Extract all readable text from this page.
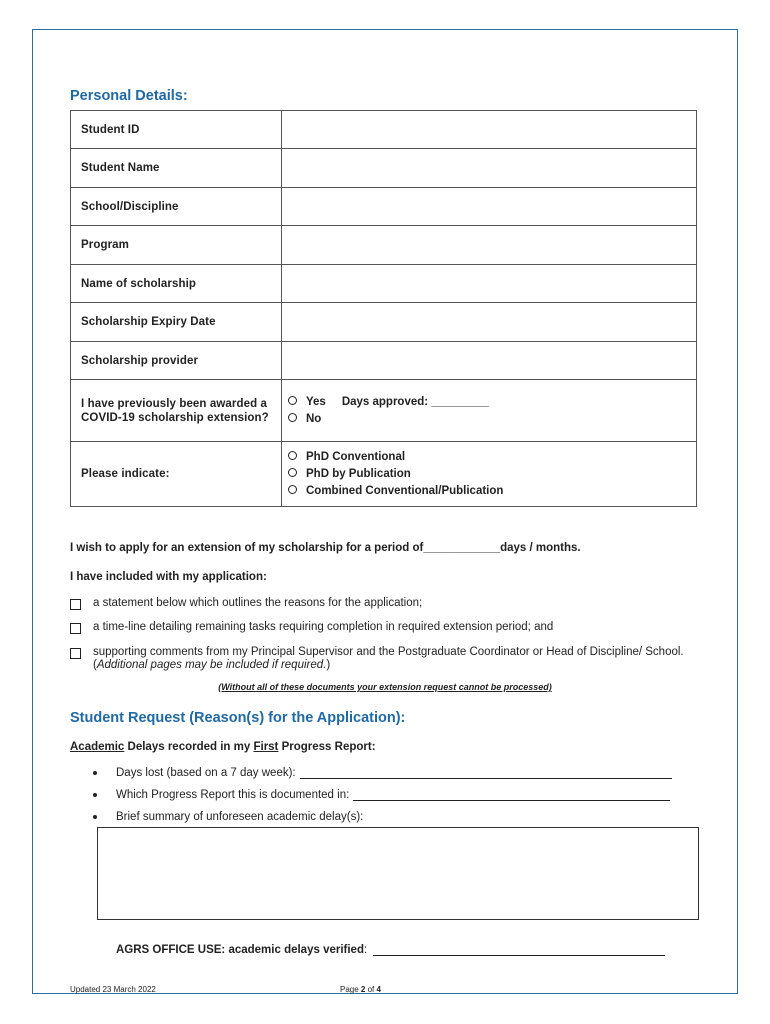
Personal Details:
Student ID	
Student Name	
School/Discipline	
Program	
Name of scholarship	
Scholarship Expiry Date	
Scholarship provider	
I have previously been awarded a COVID-19 scholarship extension?	Yes Days approved: _________
No

Please indicate:	PhD Conventional
PhD by Publication
Combined Conventional/Publication
I wish to apply for an extension of my scholarship for a period of____________days / months.
I have included with my application:
a statement below which outlines the reasons for the application;
a time-line detailing remaining tasks requiring completion in required extension period; and
supporting comments from my Principal Supervisor and the Postgraduate Coordinator or Head of Discipline/ School. (Additional pages may be included if required.)
(Without all of these documents your extension request cannot be processed)
Student Request (Reason(s) for the Application):
Academic Delays recorded in my First Progress Report:
Days lost (based on a 7 day week):
Which Progress Report this is documented in:
Brief summary of unforeseen academic delay(s):
AGRS OFFICE USE: academic delays verified :
Updated 23 March 2022	Page 2 of 4
